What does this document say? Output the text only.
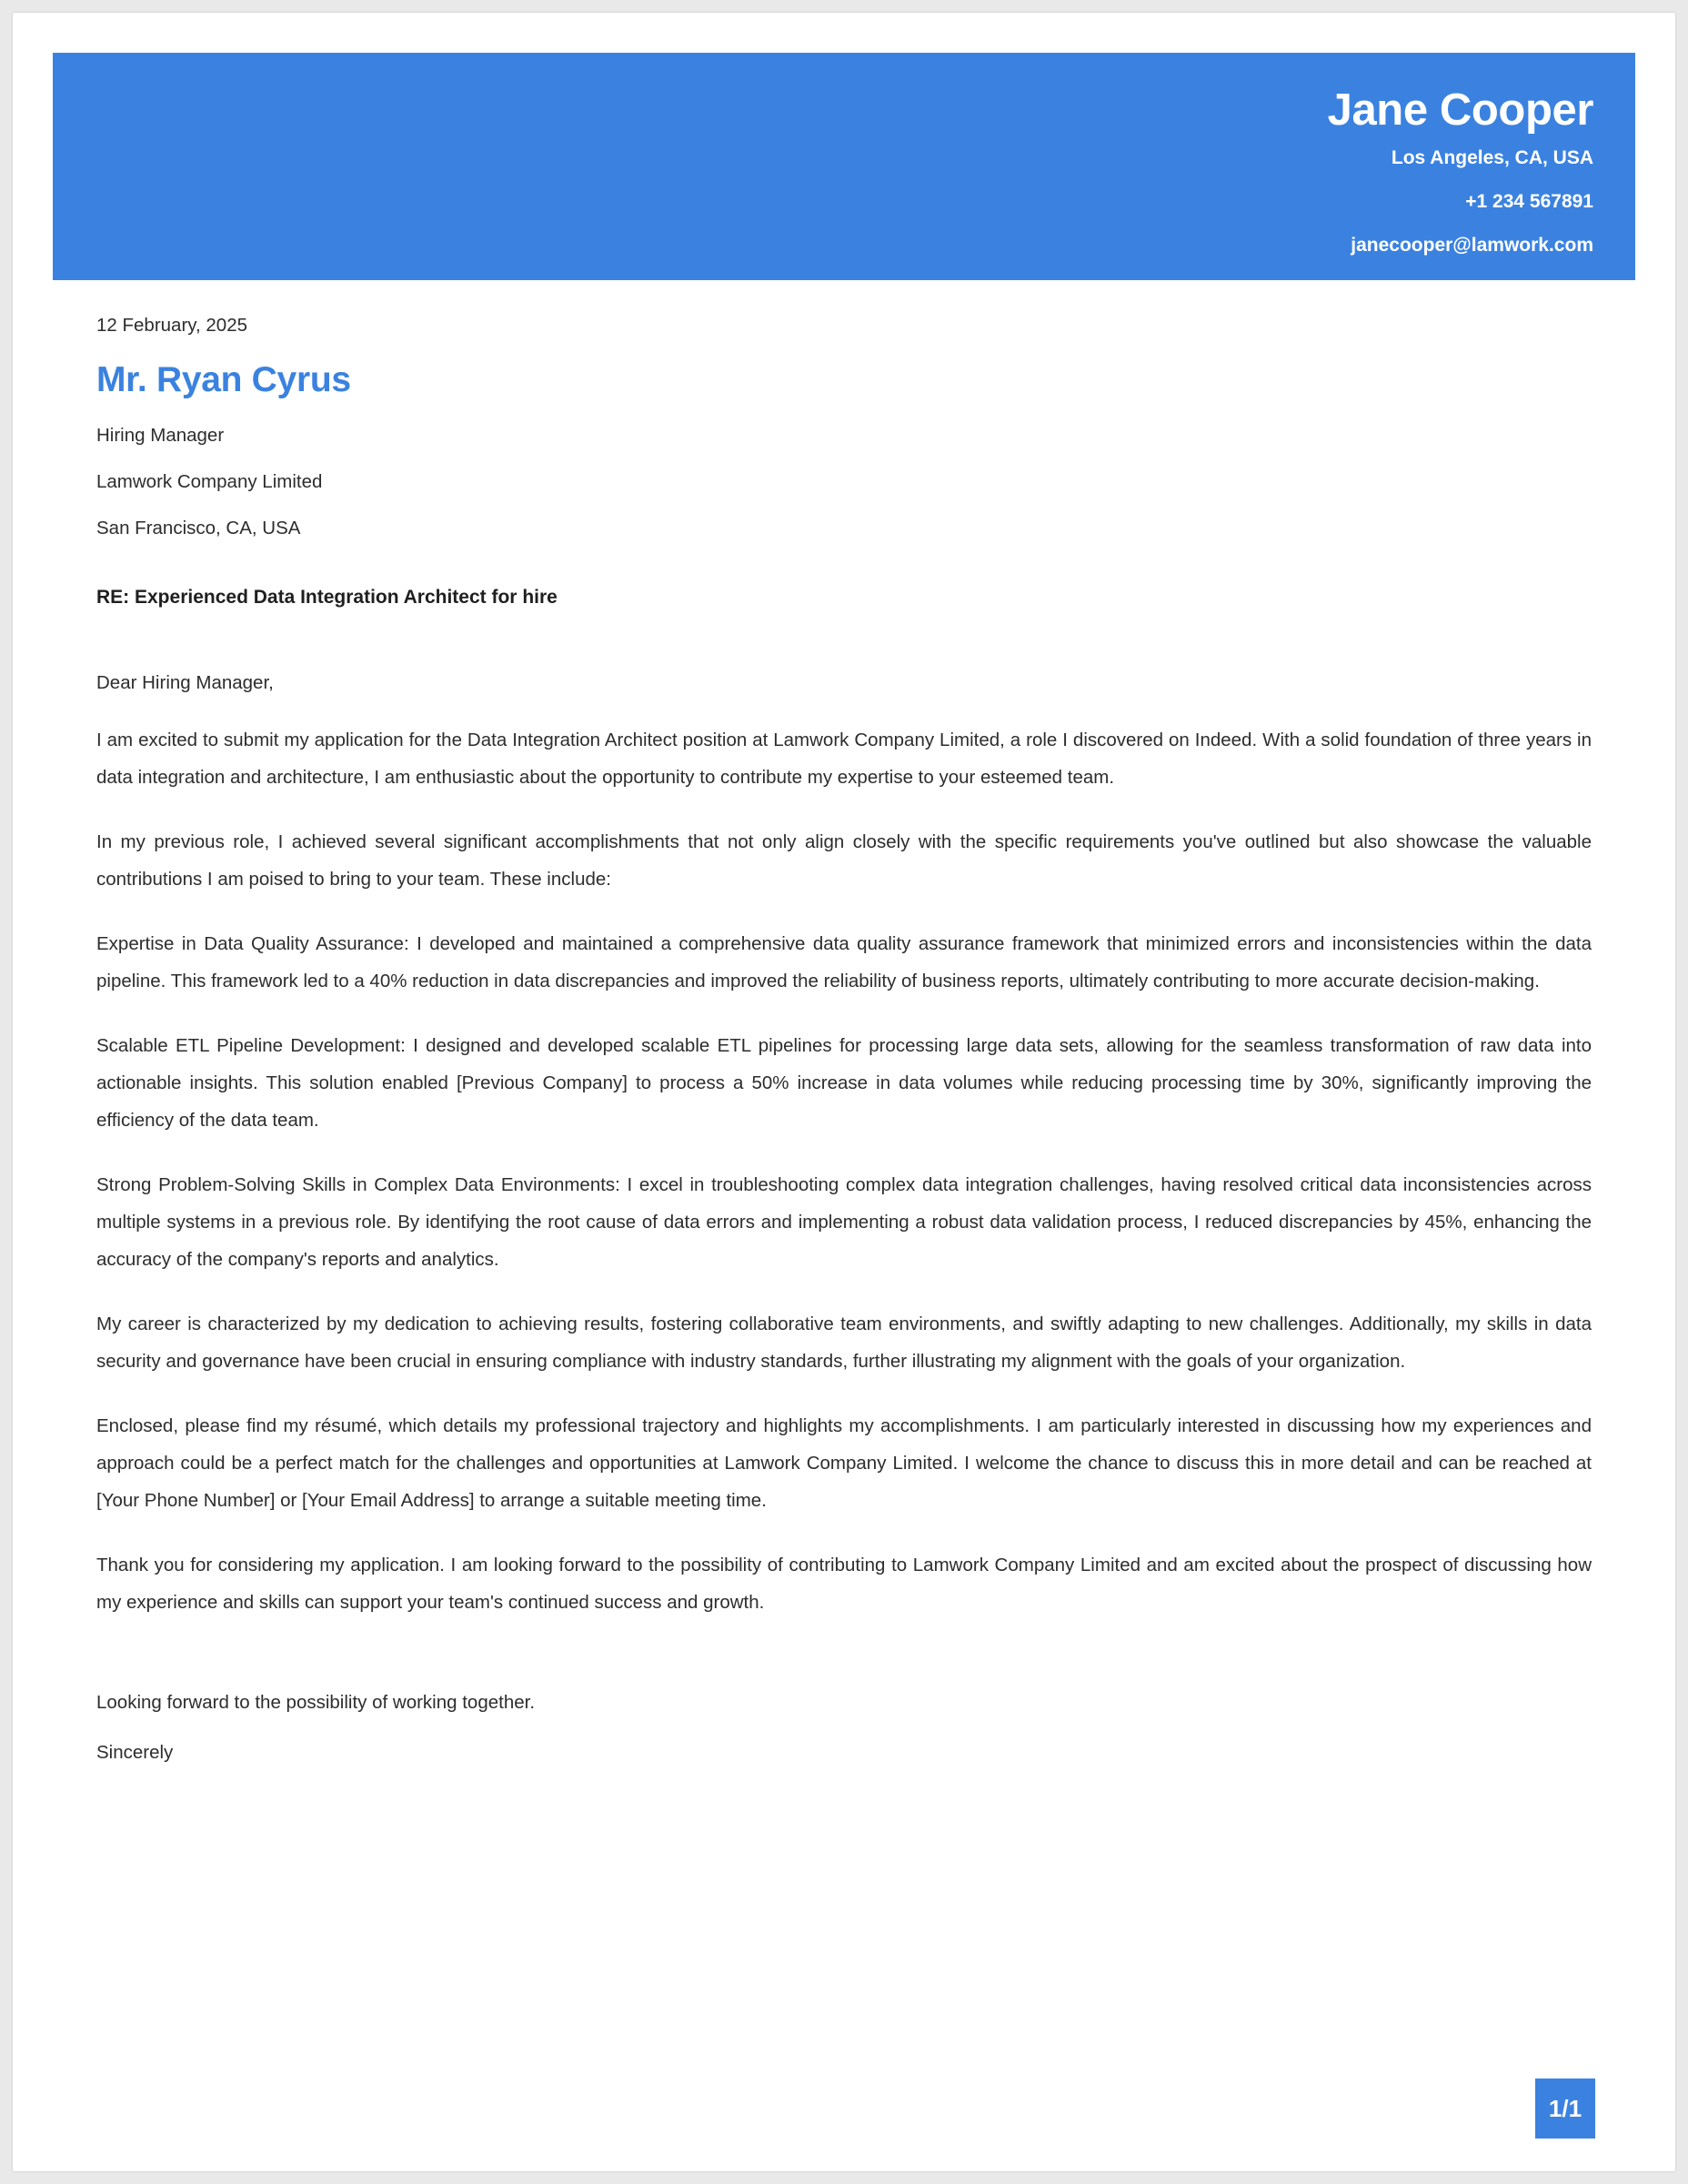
Jane Cooper
Los Angeles, CA, USA
+1 234 567891
janecooper@lamwork.com
12 February, 2025
Mr. Ryan Cyrus
Hiring Manager
Lamwork Company Limited
San Francisco, CA, USA
RE: Experienced Data Integration Architect for hire
Dear Hiring Manager,

I am excited to submit my application for the Data Integration Architect position at Lamwork Company Limited, a role I discovered on Indeed. With a solid foundation of three years in data integration and architecture, I am enthusiastic about the opportunity to contribute my expertise to your esteemed team.

In my previous role, I achieved several significant accomplishments that not only align closely with the specific requirements you've outlined but also showcase the valuable contributions I am poised to bring to your team. These include:

Expertise in Data Quality Assurance: I developed and maintained a comprehensive data quality assurance framework that minimized errors and inconsistencies within the data pipeline. This framework led to a 40% reduction in data discrepancies and improved the reliability of business reports, ultimately contributing to more accurate decision-making.

Scalable ETL Pipeline Development: I designed and developed scalable ETL pipelines for processing large data sets, allowing for the seamless transformation of raw data into actionable insights. This solution enabled [Previous Company] to process a 50% increase in data volumes while reducing processing time by 30%, significantly improving the efficiency of the data team.

Strong Problem-Solving Skills in Complex Data Environments: I excel in troubleshooting complex data integration challenges, having resolved critical data inconsistencies across multiple systems in a previous role. By identifying the root cause of data errors and implementing a robust data validation process, I reduced discrepancies by 45%, enhancing the accuracy of the company's reports and analytics.

My career is characterized by my dedication to achieving results, fostering collaborative team environments, and swiftly adapting to new challenges. Additionally, my skills in data security and governance have been crucial in ensuring compliance with industry standards, further illustrating my alignment with the goals of your organization.

Enclosed, please find my résumé, which details my professional trajectory and highlights my accomplishments. I am particularly interested in discussing how my experiences and approach could be a perfect match for the challenges and opportunities at Lamwork Company Limited. I welcome the chance to discuss this in more detail and can be reached at [Your Phone Number] or [Your Email Address] to arrange a suitable meeting time.

Thank you for considering my application. I am looking forward to the possibility of contributing to Lamwork Company Limited and am excited about the prospect of discussing how my experience and skills can support your team's continued success and growth.

Looking forward to the possibility of working together.
Sincerely
1/1
